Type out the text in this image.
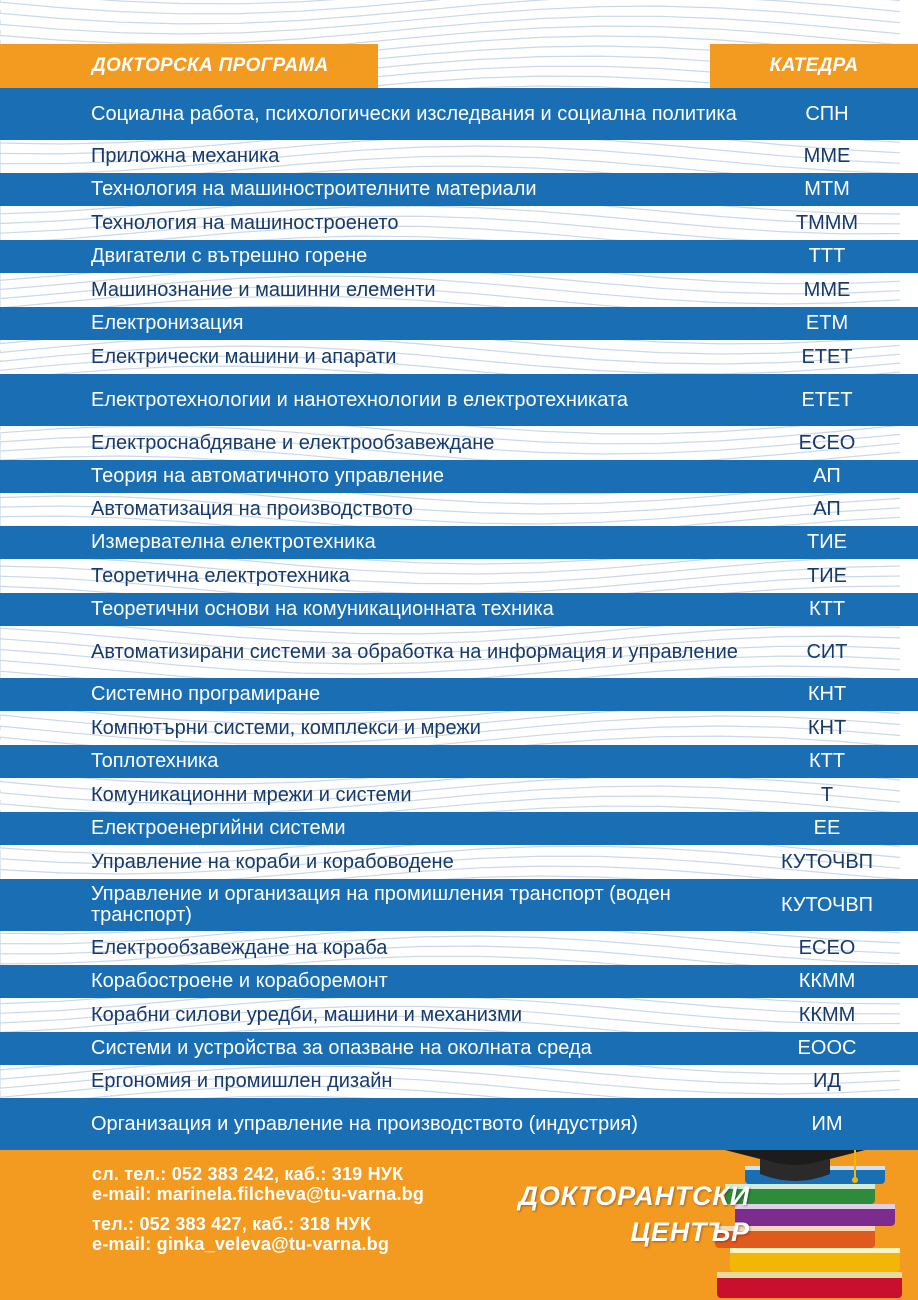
ДОКТОРСКА ПРОГРАМА	КАТЕДРА
Социална работа, психологически изследвания и социална политика	СПН
Приложна механика	ММЕ
Технология на машиностроителните материали	МТМ
Технология на машиностроенето	ТМММ
Двигатели с вътрешно горене	ТТТ
Машинознание и машинни елементи	ММЕ
Електронизация	ЕТМ
Електрически машини и апарати	ЕТЕТ
Електротехнологии и нанотехнологии в електротехниката	ЕТЕТ
Електроснабдяване и електрообзавеждане	ЕСЕО
Теория на автоматичното управление	АП
Автоматизация на производството	АП
Измервателна електротехника	ТИЕ
Теоретична електротехника	ТИЕ
Теоретични основи на комуникационната техника	КТТ
Автоматизирани системи за обработка на информация и управление	СИТ
Системно програмиране	КНТ
Компютърни системи, комплекси и мрежи	КНТ
Топлотехника	КТТ
Комуникационни мрежи и системи	Т
Електроенергийни системи	ЕЕ
Управление на кораби и корабоводене	КУТОЧВП
Управление и организация на промишления транспорт (воден транспорт)	КУТОЧВП
Електрообзавеждане на кораба	ЕСЕО
Корабостроене и кораборемонт	ККММ
Корабни силови уредби, машини и механизми	ККММ
Системи и устройства за опазване на околната среда	ЕООС
Ергономия и промишлен дизайн	ИД
Организация и управление на производството (индустрия)	ИМ
сл. тел.: 052 383 242, каб.: 319 НУК
e-mail: marinela.filcheva@tu-varna.bg
тел.: 052 383 427, каб.: 318 НУК
e-mail: ginka_veleva@tu-varna.bg
ДОКТОРАНТСКИ
ЦЕНТЪР
